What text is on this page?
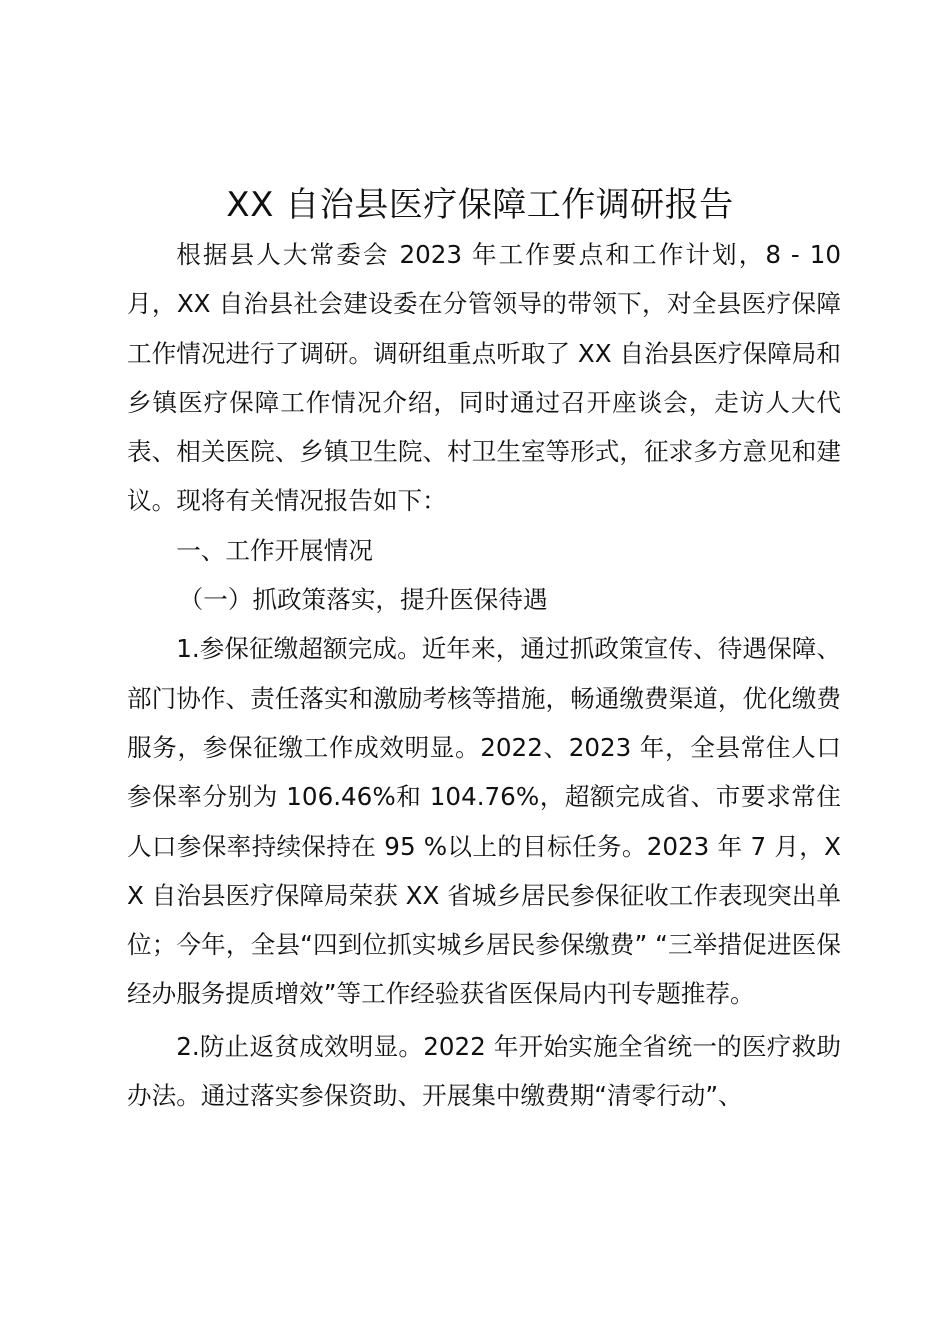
XX 自治县医疗保障工作调研报告

根据县人大常委会 2023 年工作要点和工作计划，8 - 10 月，XX 自治县社会建设委在分管领导的带领下，对全县医疗保障工作情况进行了调研。调研组重点听取了 XX 自治县医疗保障局和乡镇医疗保障工作情况介绍，同时通过召开座谈会，走访人大代表、相关医院、乡镇卫生院、村卫生室等形式，征求多方意见和建议。现将有关情况报告如下：

一、工作开展情况

（一）抓政策落实，提升医保待遇

1.参保征缴超额完成。近年来，通过抓政策宣传、待遇保障、部门协作、责任落实和激励考核等措施，畅通缴费渠道，优化缴费服务，参保征缴工作成效明显。2022、2023 年，全县常住人口参保率分别为 106.46%和 104.76%，超额完成省、市要求常住人口参保率持续保持在 95 %以上的目标任务。2023 年 7 月，XX 自治县医疗保障局荣获 XX 省城乡居民参保征收工作表现突出单位；今年，全县“四到位抓实城乡居民参保缴费” “三举措促进医保经办服务提质增效”等工作经验获省医保局内刊专题推荐。

2.防止返贫成效明显。2022 年开始实施全省统一的医疗救助办法。通过落实参保资助、开展集中缴费期“清零行动”、
